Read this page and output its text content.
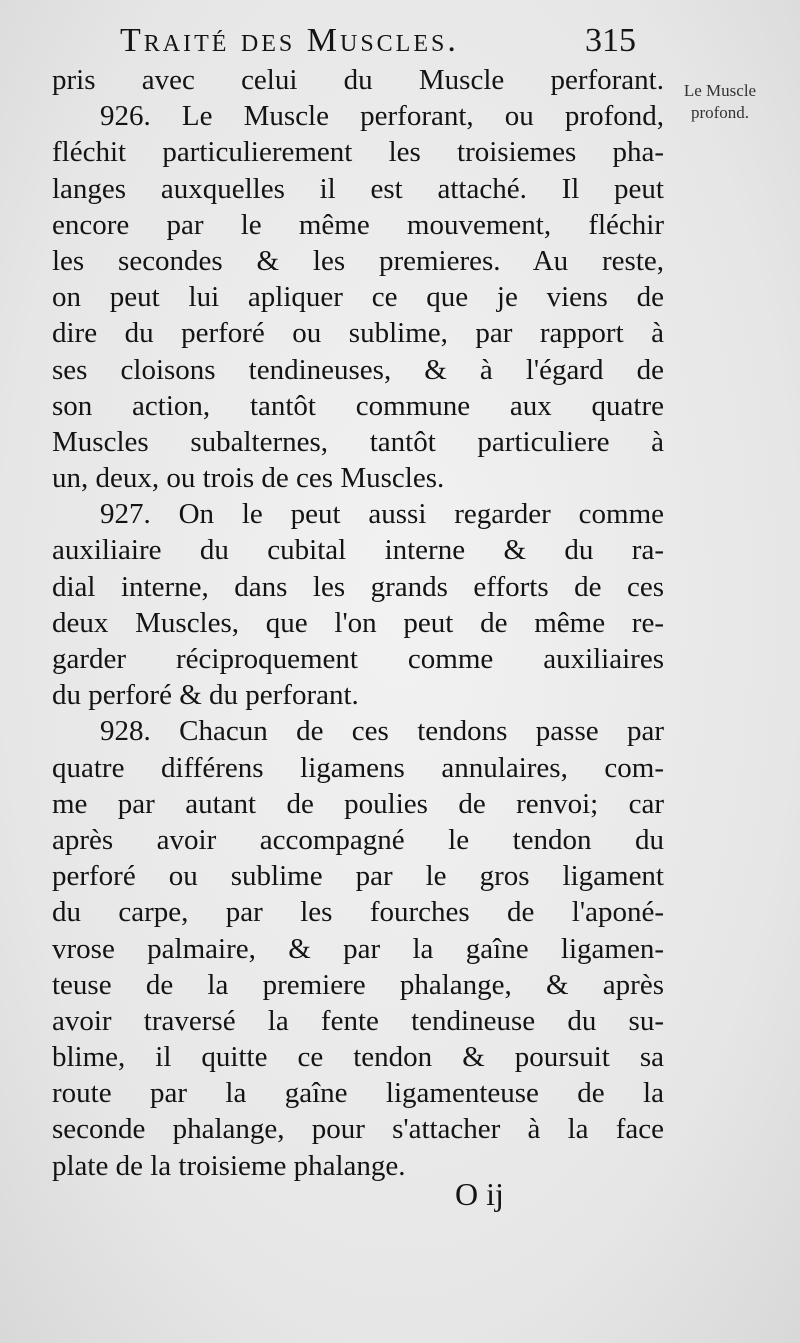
Traité des Muscles.	315
Le Muscle profond.
pris avec celui du Muscle perforant.
926. Le Muscle perforant, ou profond,
fléchit particulierement les troisiemes pha-
langes auxquelles il est attaché. Il peut
encore par le même mouvement, fléchir
les secondes & les premieres. Au reste,
on peut lui apliquer ce que je viens de
dire du perforé ou sublime, par rapport à
ses cloisons tendineuses, & à l'égard de
son action, tantôt commune aux quatre
Muscles subalternes, tantôt particuliere à
un, deux, ou trois de ces Muscles.
927. On le peut aussi regarder comme
auxiliaire du cubital interne & du ra-
dial interne, dans les grands efforts de ces
deux Muscles, que l'on peut de même re-
garder réciproquement comme auxiliaires
du perforé & du perforant.
928. Chacun de ces tendons passe par
quatre différens ligamens annulaires, com-
me par autant de poulies de renvoi; car
après avoir accompagné le tendon du
perforé ou sublime par le gros ligament
du carpe, par les fourches de l'aponé-
vrose palmaire, & par la gaîne ligamen-
teuse de la premiere phalange, & après
avoir traversé la fente tendineuse du su-
blime, il quitte ce tendon & poursuit sa
route par la gaîne ligamenteuse de la
seconde phalange, pour s'attacher à la face
plate de la troisieme phalange.
O ij
